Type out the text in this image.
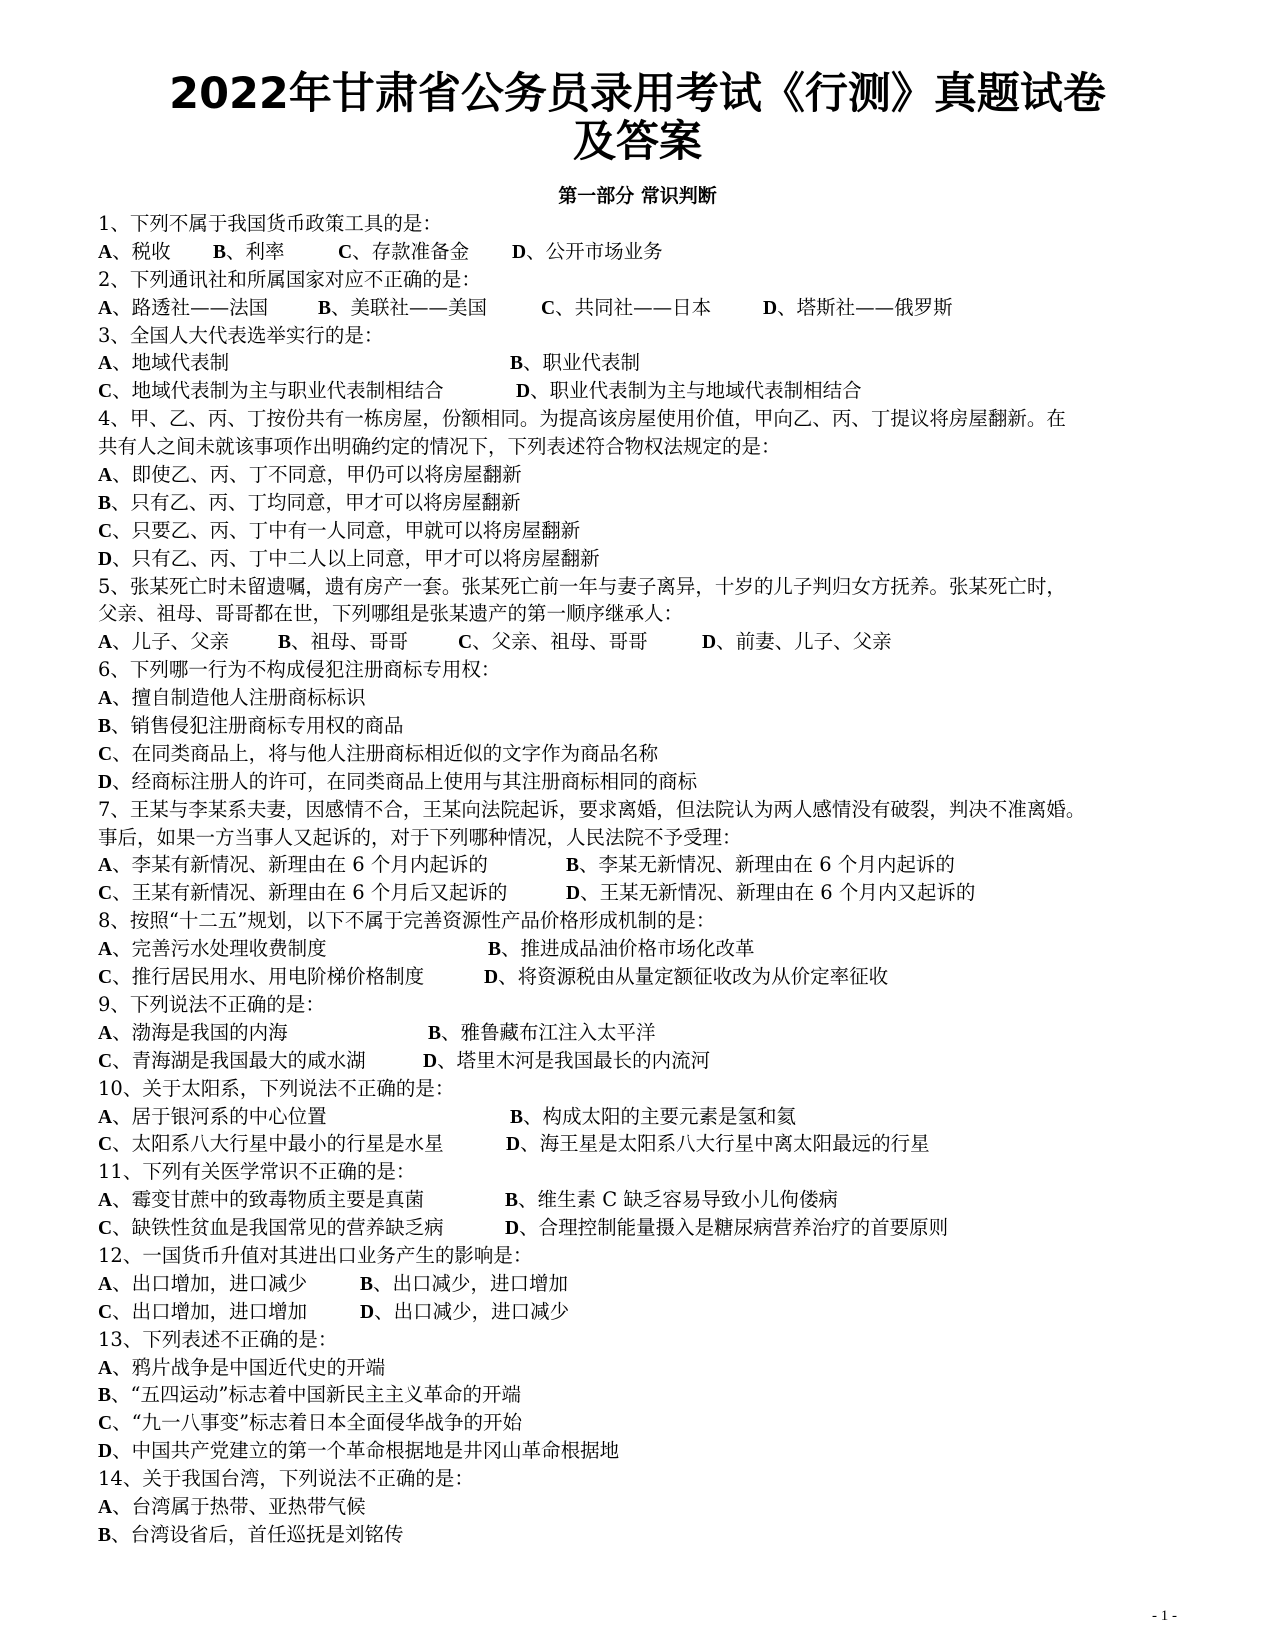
2022年甘肃省公务员录用考试《行测》真题试卷
及答案
第一部分 常识判断
1、下列不属于我国货币政策工具的是：
A、税收 B、利率	C、存款准备金 D、公开市场业务
2、下列通讯社和所属国家对应不正确的是：
A、路透社——法国	B、美联社——美国	C、共同社——日本	D、塔斯社——俄罗斯
3、全国人大代表选举实行的是：
A、地域代表制	B、职业代表制
C、地域代表制为主与职业代表制相结合	D、职业代表制为主与地域代表制相结合
4、甲、乙、丙、丁按份共有一栋房屋，份额相同。为提高该房屋使用价值，甲向乙、丙、丁提议将房屋翻新。在
共有人之间未就该事项作出明确约定的情况下，下列表述符合物权法规定的是：
A、即使乙、丙、丁不同意，甲仍可以将房屋翻新
B、只有乙、丙、丁均同意，甲才可以将房屋翻新
C、只要乙、丙、丁中有一人同意，甲就可以将房屋翻新
D、只有乙、丙、丁中二人以上同意，甲才可以将房屋翻新
5、张某死亡时未留遗嘱，遗有房产一套。张某死亡前一年与妻子离异，十岁的儿子判归女方抚养。张某死亡时，
父亲、祖母、哥哥都在世，下列哪组是张某遗产的第一顺序继承人：
A、儿子、父亲	B、祖母、哥哥	C、父亲、祖母、哥哥	D、前妻、儿子、父亲
6、下列哪一行为不构成侵犯注册商标专用权：
A、擅自制造他人注册商标标识
B、销售侵犯注册商标专用权的商品
C、在同类商品上，将与他人注册商标相近似的文字作为商品名称
D、经商标注册人的许可，在同类商品上使用与其注册商标相同的商标
7、王某与李某系夫妻，因感情不合，王某向法院起诉，要求离婚，但法院认为两人感情没有破裂，判决不准离婚。
事后，如果一方当事人又起诉的，对于下列哪种情况，人民法院不予受理：
A、李某有新情况、新理由在 6 个月内起诉的	B、李某无新情况、新理由在 6 个月内起诉的
C、王某有新情况、新理由在 6 个月后又起诉的	D、王某无新情况、新理由在 6 个月内又起诉的
8、按照“十二五”规划，以下不属于完善资源性产品价格形成机制的是：
A、完善污水处理收费制度	B、推进成品油价格市场化改革
C、推行居民用水、用电阶梯价格制度	D、将资源税由从量定额征收改为从价定率征收
9、下列说法不正确的是：
A、渤海是我国的内海	B、雅鲁藏布江注入太平洋
C、青海湖是我国最大的咸水湖	D、塔里木河是我国最长的内流河
10、关于太阳系，下列说法不正确的是：
A、居于银河系的中心位置	B、构成太阳的主要元素是氢和氦
C、太阳系八大行星中最小的行星是水星	D、海王星是太阳系八大行星中离太阳最远的行星
11、下列有关医学常识不正确的是：
A、霉变甘蔗中的致毒物质主要是真菌	B、维生素 C 缺乏容易导致小儿佝偻病
C、缺铁性贫血是我国常见的营养缺乏病	D、合理控制能量摄入是糖尿病营养治疗的首要原则
12、一国货币升值对其进出口业务产生的影响是：
A、出口增加，进口减少	B、出口减少，进口增加
C、出口增加，进口增加	D、出口减少，进口减少
13、下列表述不正确的是：
A、鸦片战争是中国近代史的开端
B、“五四运动”标志着中国新民主主义革命的开端
C、“九一八事变”标志着日本全面侵华战争的开始
D、中国共产党建立的第一个革命根据地是井冈山革命根据地
14、关于我国台湾，下列说法不正确的是：
A、台湾属于热带、亚热带气候
B、台湾设省后，首任巡抚是刘铭传
- 1 -
